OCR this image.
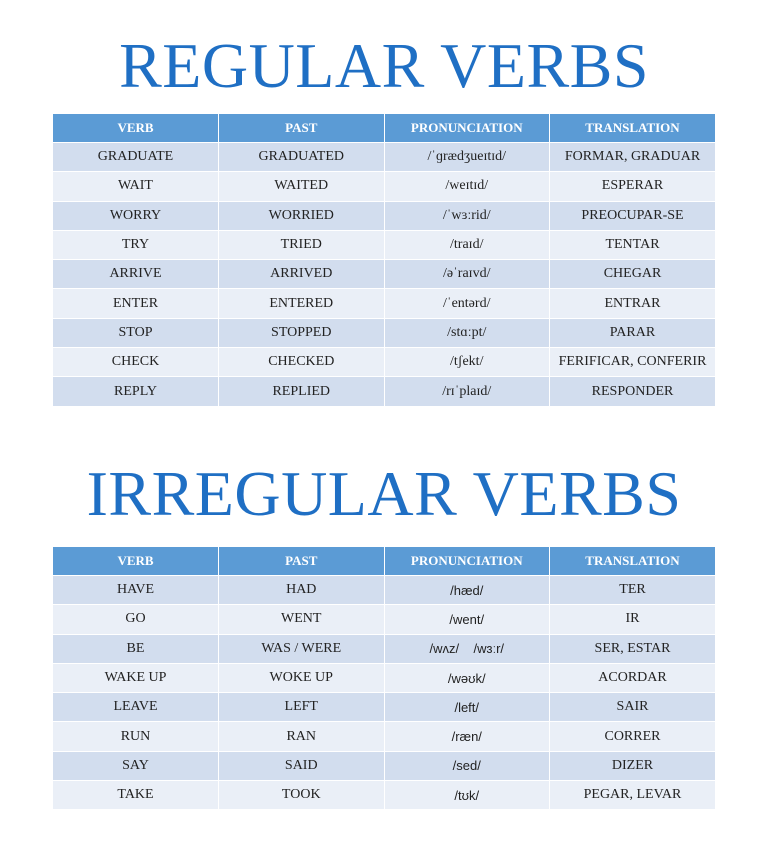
REGULAR VERBS
VERB	PAST	PRONUNCIATION	TRANSLATION
GRADUATE	GRADUATED	/ˈɡrædʒueɪtɪd/	FORMAR, GRADUAR
WAIT	WAITED	/weɪtɪd/	ESPERAR
WORRY	WORRIED	/ˈwɜːrid/	PREOCUPAR-SE
TRY	TRIED	/traɪd/	TENTAR
ARRIVE	ARRIVED	/əˈraɪvd/	CHEGAR
ENTER	ENTERED	/ˈentərd/	ENTRAR
STOP	STOPPED	/stɑːpt/	PARAR
CHECK	CHECKED	/tʃekt/	FERIFICAR, CONFERIR
REPLY	REPLIED	/rɪˈplaɪd/	RESPONDER
IRREGULAR VERBS
VERB	PAST	PRONUNCIATION	TRANSLATION
HAVE	HAD	/hæd/	TER
GO	WENT	/went/	IR
BE	WAS / WERE	/wʌz/    /wɜːr/	SER, ESTAR
WAKE UP	WOKE UP	/wəʊk/	ACORDAR
LEAVE	LEFT	/left/	SAIR
RUN	RAN	/ræn/	CORRER
SAY	SAID	/sed/	DIZER
TAKE	TOOK	/tʊk/	PEGAR, LEVAR
